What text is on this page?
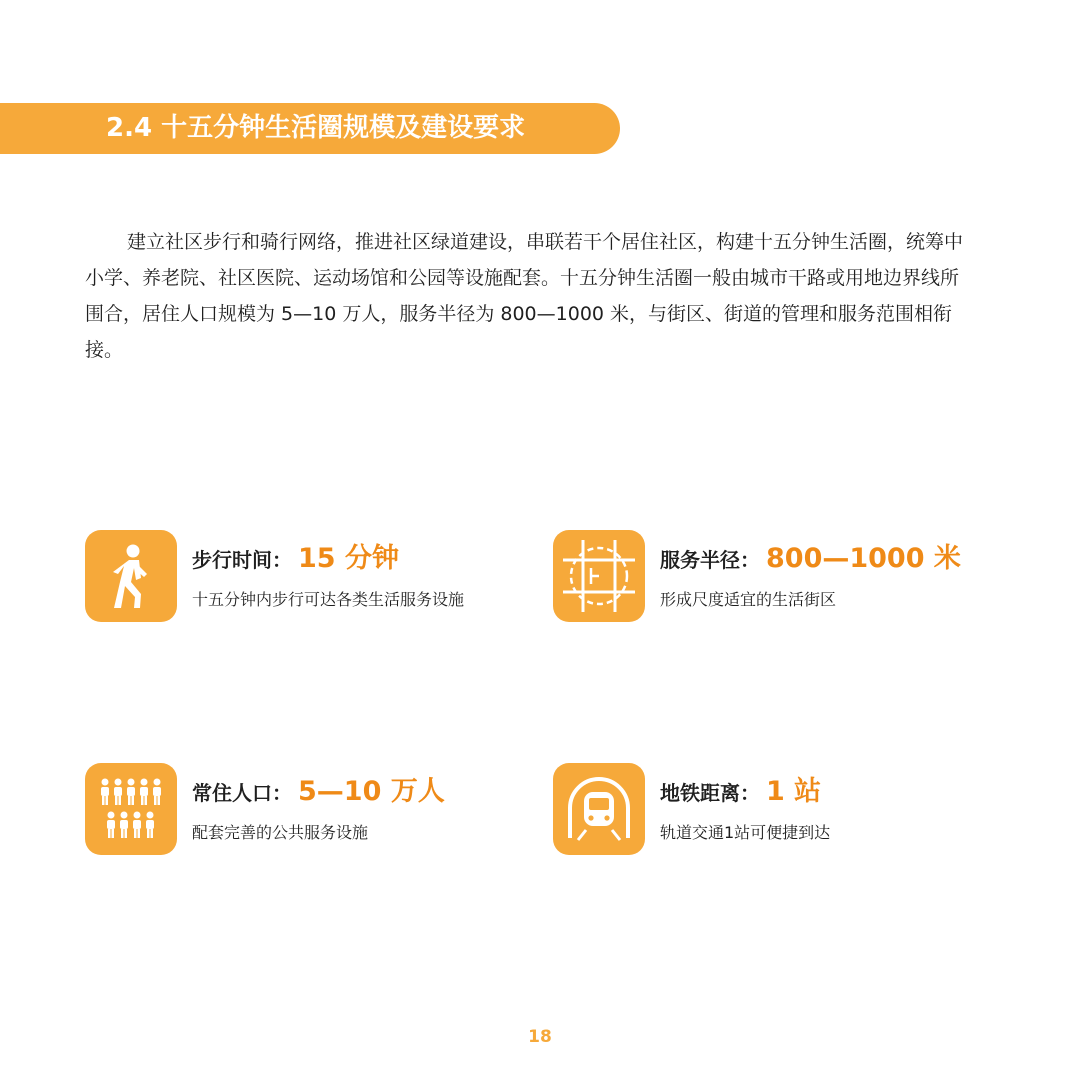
2.4 十五分钟生活圈规模及建设要求

建立社区步行和骑行网络，推进社区绿道建设，串联若干个居住社区，构建十五分钟生活圈，统筹中小学、养老院、社区医院、运动场馆和公园等设施配套。十五分钟生活圈一般由城市干路或用地边界线所围合，居住人口规模为 5—10 万人，服务半径为 800—1000 米，与街区、街道的管理和服务范围相衔接。

步行时间： 15 分钟
十五分钟内步行可达各类生活服务设施
服务半径： 800—1000 米
形成尺度适宜的生活街区
常住人口： 5—10 万人
配套完善的公共服务设施
地铁距离： 1 站
轨道交通1站可便捷到达
18
